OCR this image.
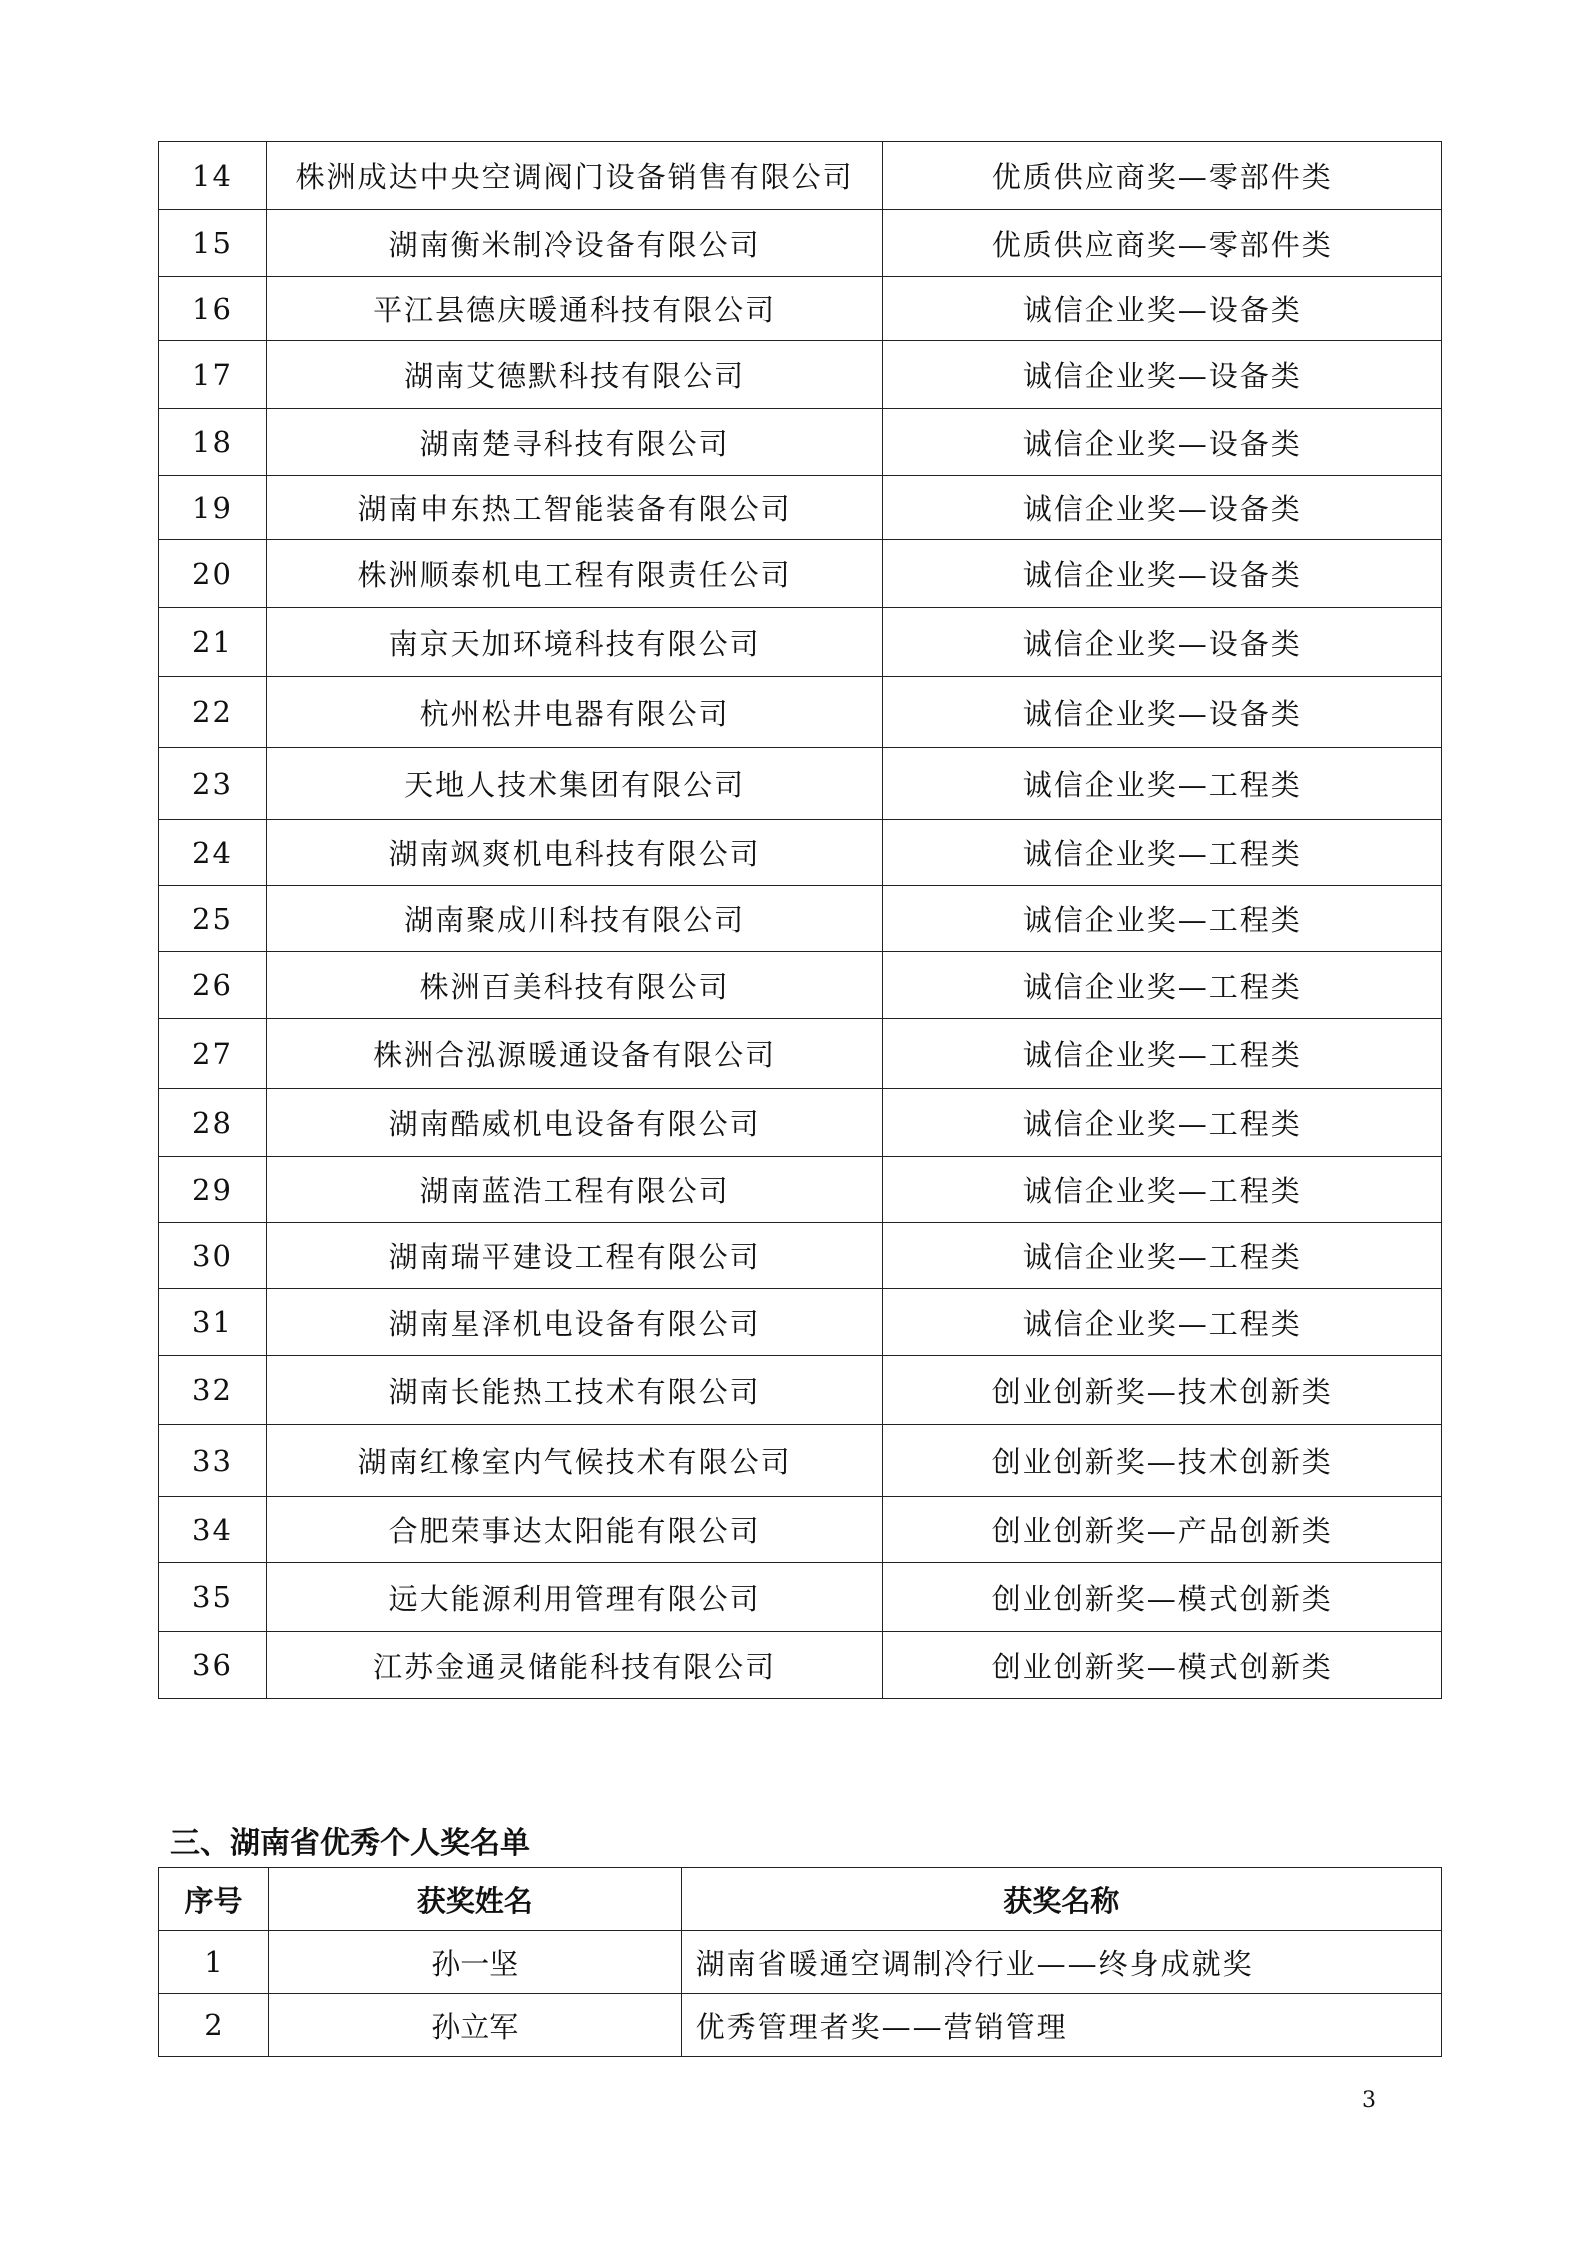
14	株洲成达中央空调阀门设备销售有限公司	优质供应商奖—零部件类
15	湖南衡米制冷设备有限公司	优质供应商奖—零部件类
16	平江县德庆暖通科技有限公司	诚信企业奖—设备类
17	湖南艾德默科技有限公司	诚信企业奖—设备类
18	湖南楚寻科技有限公司	诚信企业奖—设备类
19	湖南申东热工智能装备有限公司	诚信企业奖—设备类
20	株洲顺泰机电工程有限责任公司	诚信企业奖—设备类
21	南京天加环境科技有限公司	诚信企业奖—设备类
22	杭州松井电器有限公司	诚信企业奖—设备类
23	天地人技术集团有限公司	诚信企业奖—工程类
24	湖南飒爽机电科技有限公司	诚信企业奖—工程类
25	湖南聚成川科技有限公司	诚信企业奖—工程类
26	株洲百美科技有限公司	诚信企业奖—工程类
27	株洲合泓源暖通设备有限公司	诚信企业奖—工程类
28	湖南酷威机电设备有限公司	诚信企业奖—工程类
29	湖南蓝浩工程有限公司	诚信企业奖—工程类
30	湖南瑞平建设工程有限公司	诚信企业奖—工程类
31	湖南星泽机电设备有限公司	诚信企业奖—工程类
32	湖南长能热工技术有限公司	创业创新奖—技术创新类
33	湖南红橡室内气候技术有限公司	创业创新奖—技术创新类
34	合肥荣事达太阳能有限公司	创业创新奖—产品创新类
35	远大能源利用管理有限公司	创业创新奖—模式创新类
36	江苏金通灵储能科技有限公司	创业创新奖—模式创新类
三、湖南省优秀个人奖名单
序号	获奖姓名	获奖名称
1	孙一坚	湖南省暖通空调制冷行业——终身成就奖
2	孙立军	优秀管理者奖——营销管理
3
